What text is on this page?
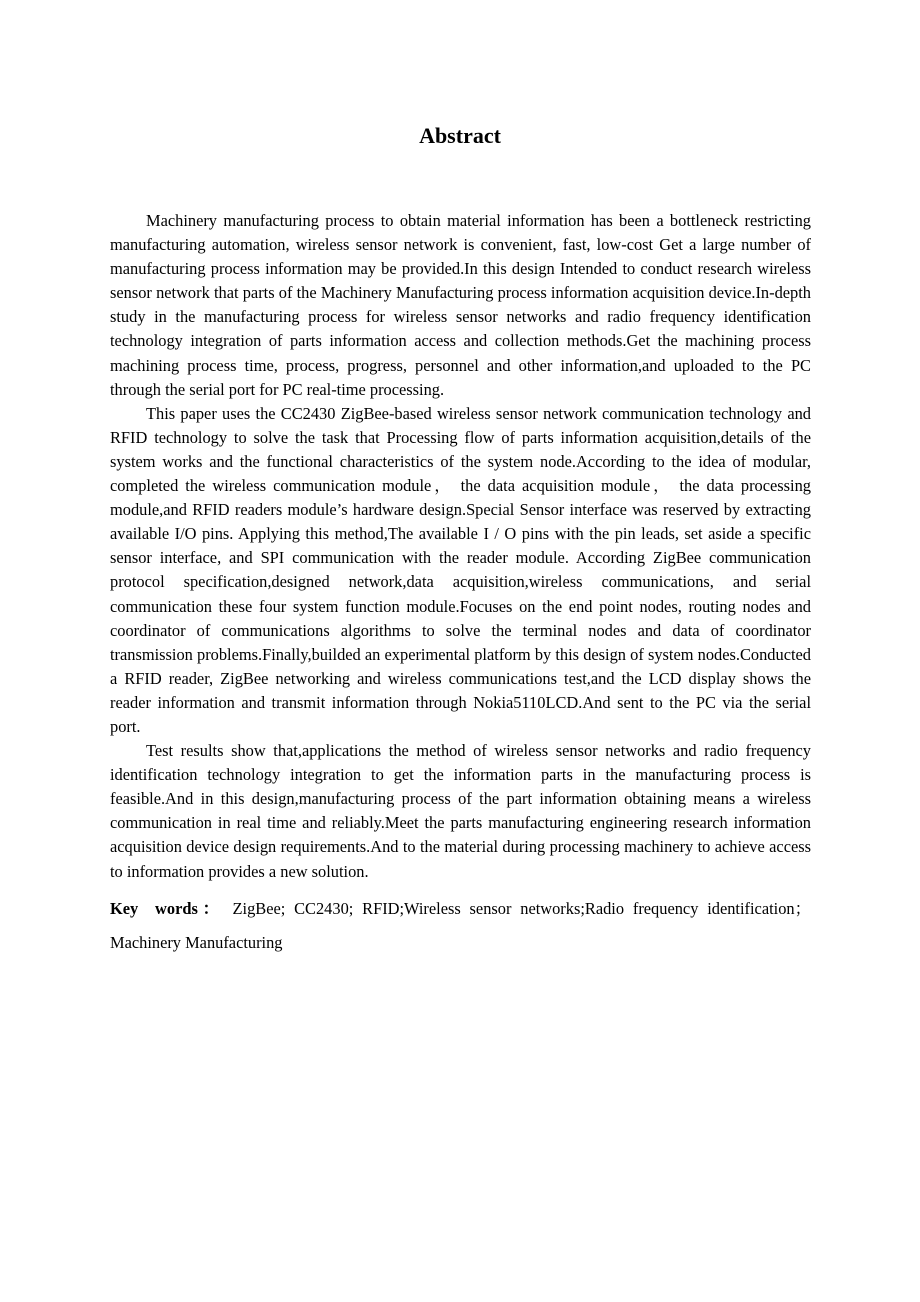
Abstract

Machinery manufacturing process to obtain material information has been a bottleneck restricting manufacturing automation, wireless sensor network is convenient, fast, low-cost Get a large number of manufacturing process information may be provided.In this design Intended to conduct research wireless sensor network that parts of the Machinery Manufacturing process information acquisition device.In-depth study in the manufacturing process for wireless sensor networks and radio frequency identification technology integration of parts information access and collection methods.Get the machining process machining process time, process, progress, personnel and other information,and uploaded to the PC through the serial port for PC real-time processing.

This paper uses the CC2430 ZigBee-based wireless sensor network communication technology and RFID technology to solve the task that Processing flow of parts information acquisition,details of the system works and the functional characteristics of the system node.According to the idea of modular, completed the wireless communication module， the data acquisition module， the data processing module,and RFID readers module’s hardware design.Special Sensor interface was reserved by extracting available I/O pins. Applying this method,The available I / O pins with the pin leads, set aside a specific sensor interface, and SPI communication with the reader module. According ZigBee communication protocol specification,designed network,data acquisition,wireless communications, and serial communication these four system function module.Focuses on the end point nodes, routing nodes and coordinator of communications algorithms to solve the terminal nodes and data of coordinator transmission problems.Finally,builded an experimental platform by this design of system nodes.Conducted a RFID reader, ZigBee networking and wireless communications test,and the LCD display shows the reader information and transmit information through Nokia5110LCD.And sent to the PC via the serial port.

Test results show that,applications the method of wireless sensor networks and radio frequency identification technology integration to get the information parts in the manufacturing process is feasible.And in this design,manufacturing process of the part information obtaining means a wireless communication in real time and reliably.Meet the parts manufacturing engineering research information acquisition device design requirements.And to the material during processing machinery to achieve access to information provides a new solution.

Key words： ZigBee; CC2430; RFID;Wireless sensor networks;Radio frequency identification；Machinery Manufacturing
